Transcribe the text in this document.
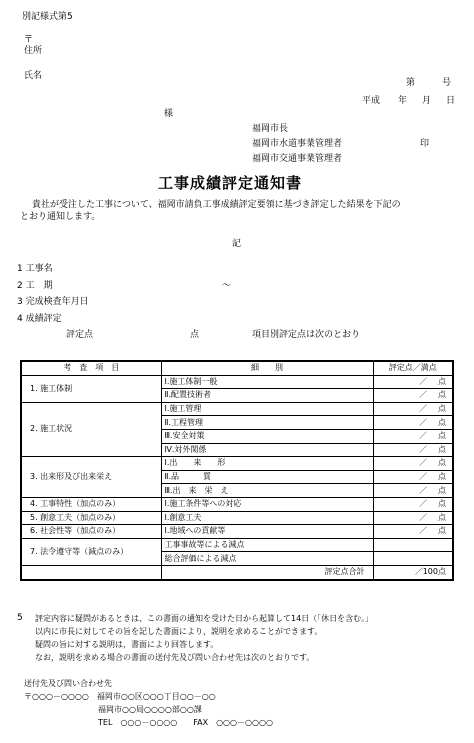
別記様式第5
〒
住所
氏名
第	号
平成 年 月 日
様
福岡市長
福岡市水道事業管理者	印
福岡市交通事業管理者
工事成績評定通知書
貴社が受注した工事について、福岡市請負工事成績評定要領に基づき評定した結果を下記の
とおり通知します。
記
1 工事名
2 工　期	～
3 完成検査年月日
4 成績評定
評定点	点	項目別評定点は次のとおり
考　査　項　目	細　　別	評定点／満点
1. 施工体制	Ⅰ.施工体制一般	／ 点
	Ⅱ.配置技術者	／ 点
2. 施工状況	Ⅰ.施工管理	／ 点
	Ⅱ.工程管理	／ 点
	Ⅲ.安全対策	／ 点
	Ⅳ.対外関係	／ 点
3. 出来形及び出来栄え	Ⅰ.出　　来　　形	／ 点
	Ⅱ.品　　　質	／ 点
	Ⅲ.出　来　栄　え	／ 点
4. 工事特性（加点のみ）	Ⅰ.施工条件等への対応	／ 点
5. 創意工夫（加点のみ）	Ⅰ.創意工夫	／ 点
6. 社会性等（加点のみ）	Ⅰ.地域への貢献等	／ 点
7. 法令遵守等（減点のみ）	工事事故等による減点	
	総合評価による減点	
	評定点合計	／100点
5 評定内容に疑問があるときは、この書面の通知を受けた日から起算して14日（「休日を含む。」
以内に市長に対してその旨を記した書面により，説明を求めることができます。
疑問の旨に対する説明は，書面により回答します。
なお，説明を求める場合の書面の送付先及び問い合わせ先は次のとおりです。
送付先及び問い合わせ先
〒○○○－○○○○　福岡市○○区○○○丁目○○－○○
福岡市○○局○○○○部○○課
TEL　○○○－○○○○　　FAX　○○○－○○○○
